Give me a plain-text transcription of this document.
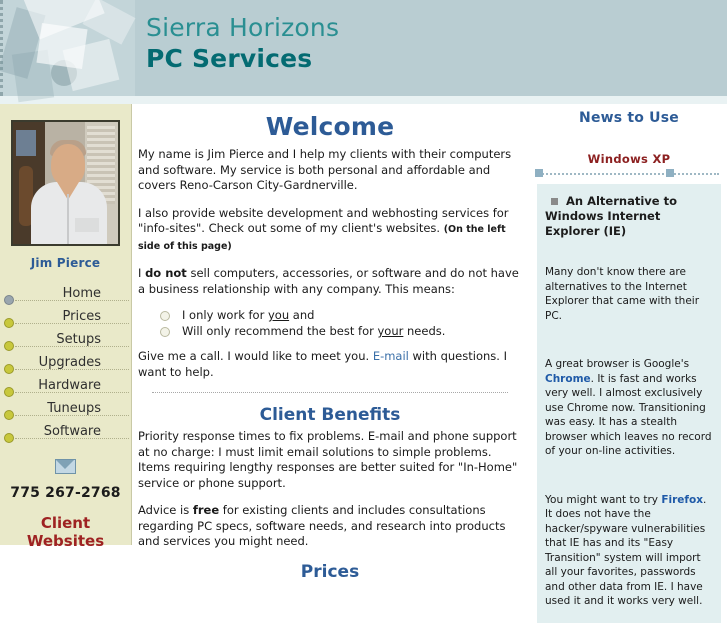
Sierra Horizons
PC Services
Jim Pierce
Home
Prices
Setups
Upgrades
Hardware
Tuneups
Software
775 267-2768
Client Websites
Welcome

My name is Jim Pierce and I help my clients with their computers and software. My service is both personal and affordable and covers Reno-Carson City-Gardnerville.

I also provide website development and webhosting services for "info-sites". Check out some of my client's websites. (On the left side of this page)

I do not sell computers, accessories, or software and do not have a business relationship with any company. This means:

I only work for you and
Will only recommend the best for your needs.

Give me a call. I would like to meet you. E-mail with questions. I want to help.

Client Benefits

Priority response times to fix problems. E-mail and phone support at no charge: I must limit email solutions to simple problems. Items requiring lengthy responses are better suited for "In-Home" service or phone support.

Advice is free for existing clients and includes consultations regarding PC specs, software needs, and research into products and services you might need.

Prices
News to Use
Windows XP
An Alternative to Windows Internet Explorer (IE)

Many don't know there are alternatives to the Internet Explorer that came with their PC.

A great browser is Google's Chrome. It is fast and works very well. I almost exclusively use Chrome now. Transitioning was easy. It has a stealth browser which leaves no record of your on-line activities.

You might want to try Firefox. It does not have the hacker/spyware vulnerabilities that IE has and its "Easy Transition" system will import all your favorites, passwords and other data from IE. I have used it and it works very well.
